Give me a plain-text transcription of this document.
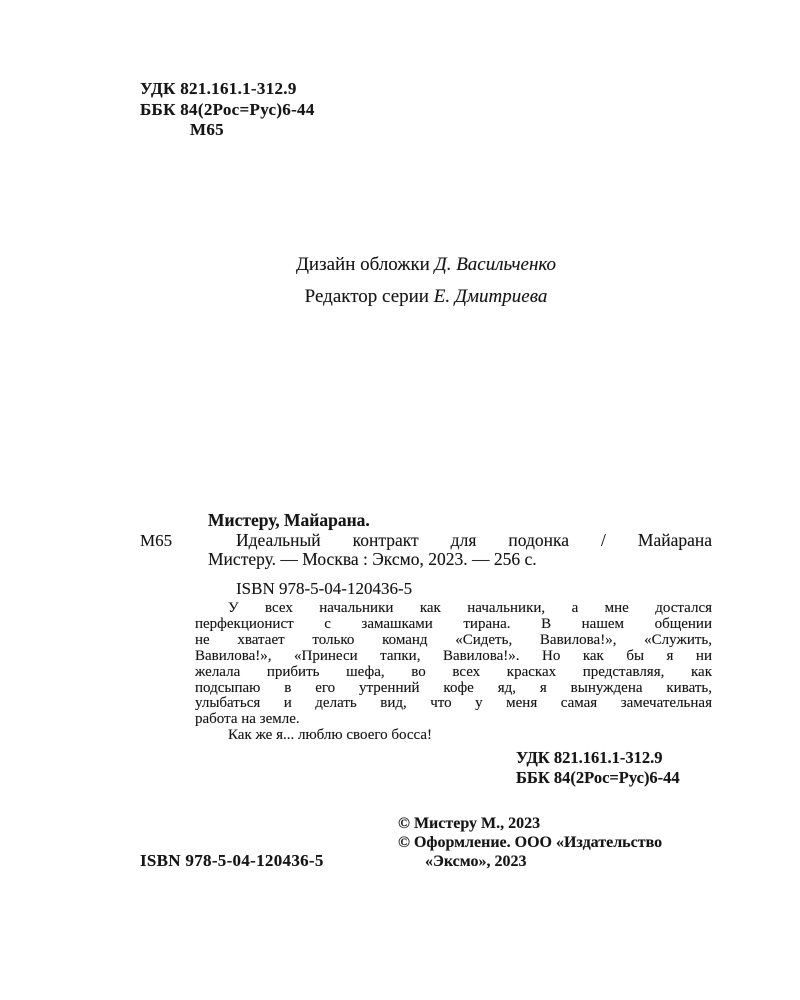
УДК 821.161.1-312.9
ББК 84(2Рос=Рус)6-44
М65
Дизайн обложки Д. Васильченко
Редактор серии Е. Дмитриева
М65
Мистеру, Майарана.
Идеальный контракт для подонка / Майарана
Мистеру. — Москва : Эксмо, 2023. — 256 с.
ISBN 978-5-04-120436-5
У всех начальники как начальники, а мне достался
перфекционист с замашками тирана. В нашем общении
не хватает только команд «Сидеть, Вавилова!», «Служить,
Вавилова!», «Принеси тапки, Вавилова!». Но как бы я ни
желала прибить шефа, во всех красках представляя, как
подсыпаю в его утренний кофе яд, я вынуждена кивать,
улыбаться и делать вид, что у меня самая замечательная
работа на земле.
Как же я... люблю своего босса!
УДК 821.161.1-312.9
ББК 84(2Рос=Рус)6-44
© Мистеру М., 2023
© Оформление. ООО «Издательство
«Эксмо», 2023
ISBN 978-5-04-120436-5
